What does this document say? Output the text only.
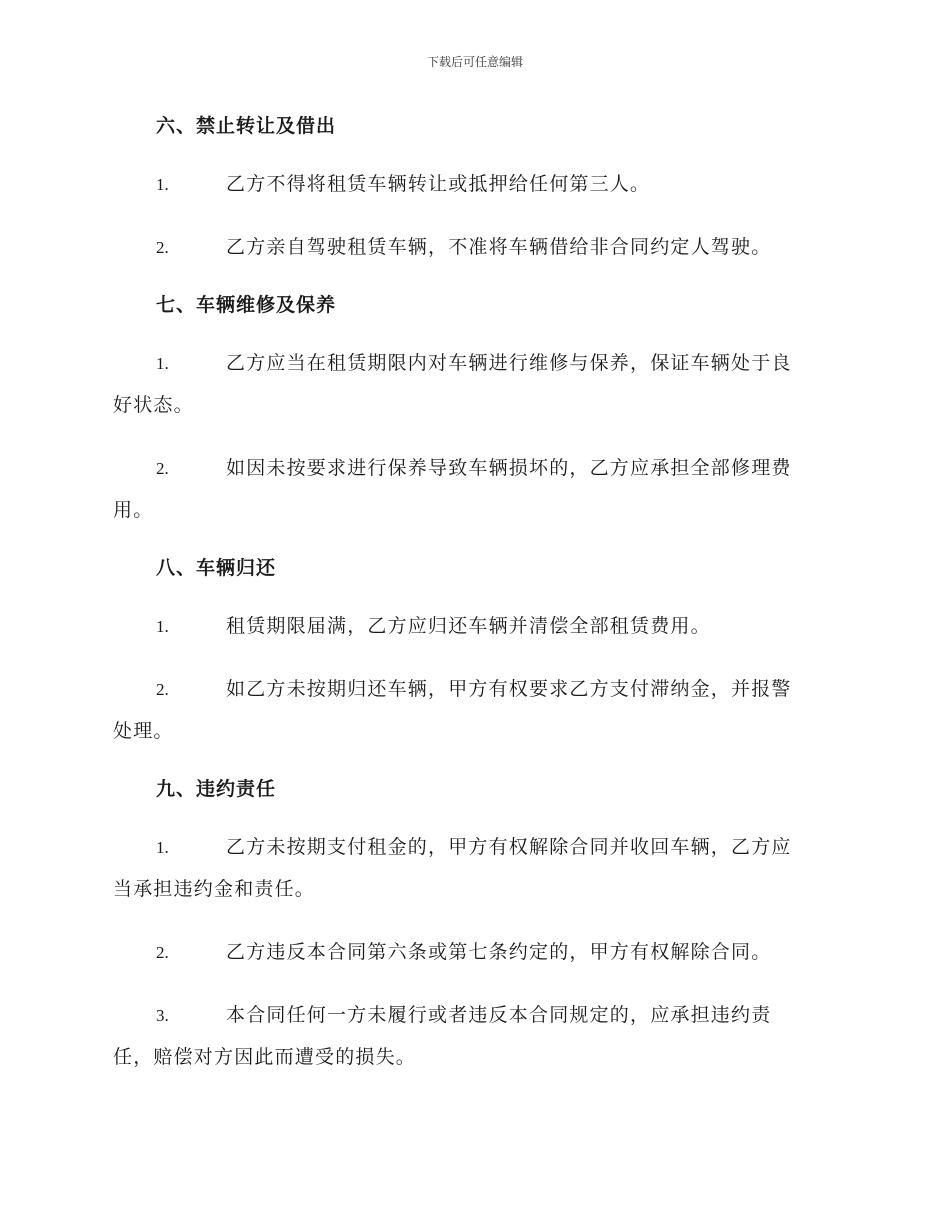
下载后可任意编辑
六、禁止转让及借出
1.	乙方不得将租赁车辆转让或抵押给任何第三人。
2.	乙方亲自驾驶租赁车辆，不准将车辆借给非合同约定人驾驶。
七、车辆维修及保养
1.	乙方应当在租赁期限内对车辆进行维修与保养，保证车辆处于良
好状态。
2.	如因未按要求进行保养导致车辆损坏的，乙方应承担全部修理费
用。
八、车辆归还
1.	租赁期限届满，乙方应归还车辆并清偿全部租赁费用。
2.	如乙方未按期归还车辆，甲方有权要求乙方支付滞纳金，并报警
处理。
九、违约责任
1.	乙方未按期支付租金的，甲方有权解除合同并收回车辆，乙方应
当承担违约金和责任。
2.	乙方违反本合同第六条或第七条约定的，甲方有权解除合同。
3.	本合同任何一方未履行或者违反本合同规定的，应承担违约责
任，赔偿对方因此而遭受的损失。
